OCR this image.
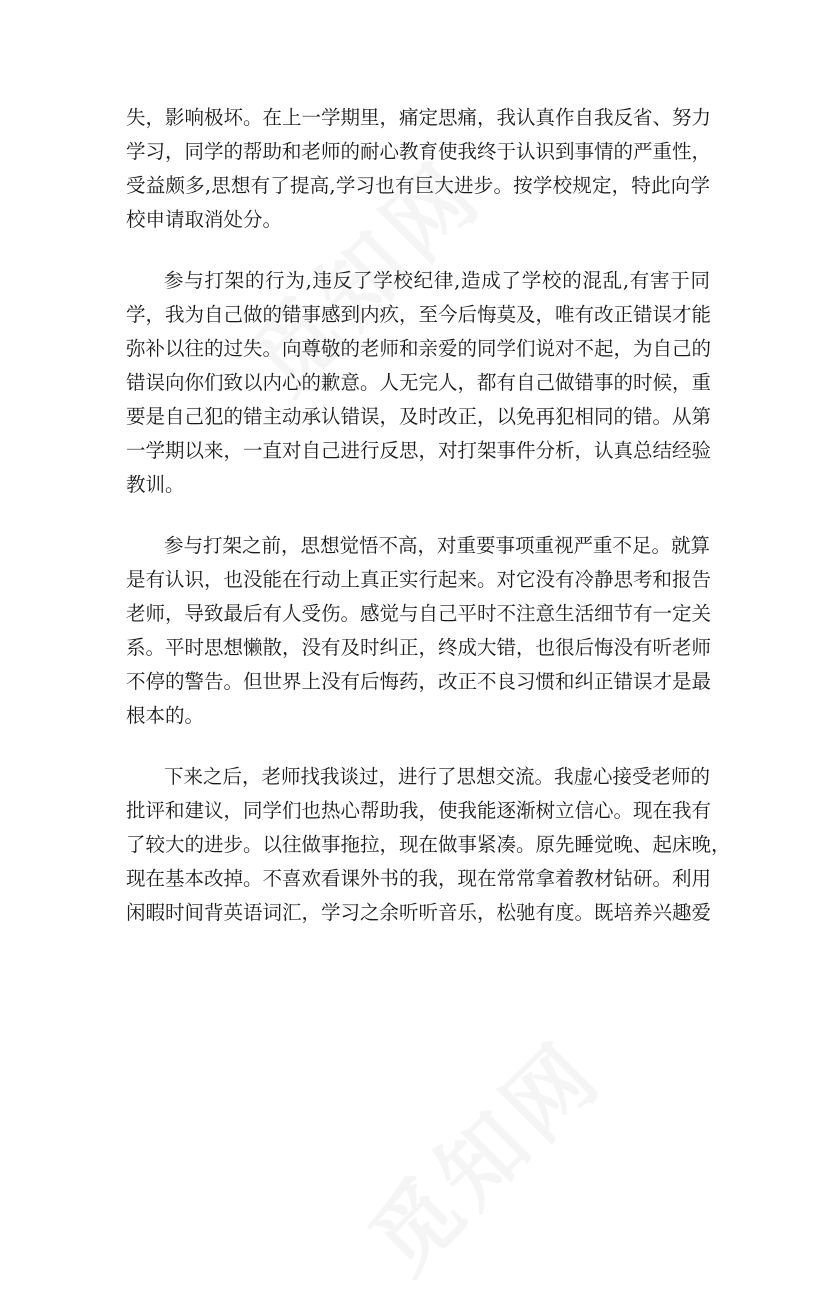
失，影响极坏。在上一学期里，痛定思痛，我认真作自我反省、努力
学习，同学的帮助和老师的耐心教育使我终于认识到事情的严重性，
受益颇多,思想有了提高,学习也有巨大进步。按学校规定，特此向学
校申请取消处分。
参与打架的行为,违反了学校纪律,造成了学校的混乱,有害于同
学，我为自己做的错事感到内疚，至今后悔莫及，唯有改正错误才能
弥补以往的过失。向尊敬的老师和亲爱的同学们说对不起，为自己的
错误向你们致以内心的歉意。人无完人，都有自己做错事的时候，重
要是自己犯的错主动承认错误，及时改正，以免再犯相同的错。从第
一学期以来，一直对自己进行反思，对打架事件分析，认真总结经验
教训。
参与打架之前，思想觉悟不高，对重要事项重视严重不足。就算
是有认识，也没能在行动上真正实行起来。对它没有冷静思考和报告
老师，导致最后有人受伤。感觉与自己平时不注意生活细节有一定关
系。平时思想懒散，没有及时纠正，终成大错，也很后悔没有听老师
不停的警告。但世界上没有后悔药，改正不良习惯和纠正错误才是最
根本的。
下来之后，老师找我谈过，进行了思想交流。我虚心接受老师的
批评和建议，同学们也热心帮助我，使我能逐渐树立信心。现在我有
了较大的进步。以往做事拖拉，现在做事紧凑。原先睡觉晚、起床晚，
现在基本改掉。不喜欢看课外书的我，现在常常拿着教材钻研。利用
闲暇时间背英语词汇，学习之余听听音乐，松驰有度。既培养兴趣爱
